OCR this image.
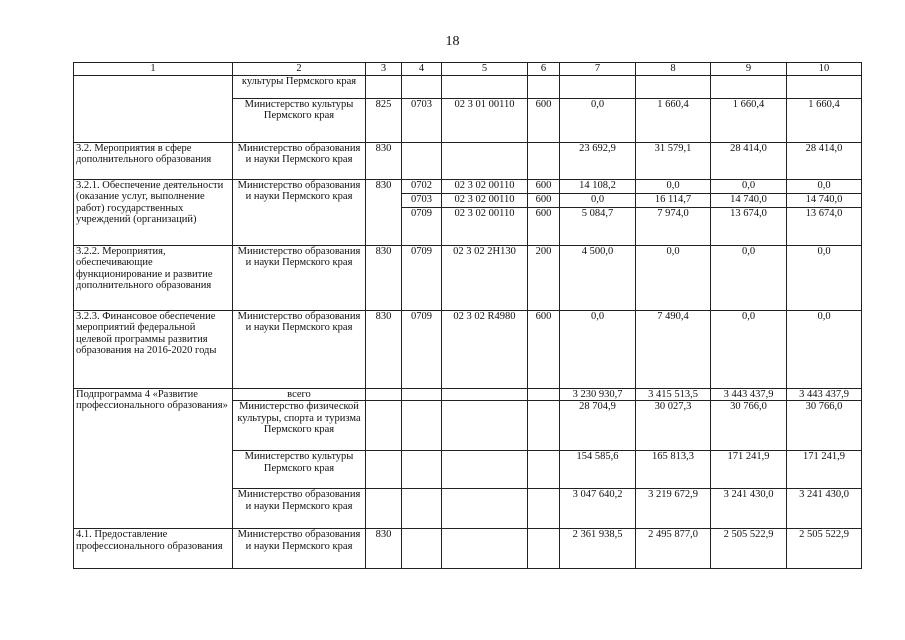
18
1	2	3	4	5	6	7	8	9	10
	культуры Пермского края								
	Министерство культуры Пермского края	825	0703	02 3 01 00110	600	0,0	1 660,4	1 660,4	1 660,4
3.2. Мероприятия в сфере дополнительного образования	Министерство образования и науки Пермского края	830				23 692,9	31 579,1	28 414,0	28 414,0
3.2.1. Обеспечение деятельности (оказание услуг, выполнение работ) государственных учреждений (организаций)	Министерство образования и науки Пермского края	830	0702	02 3 02 00110	600	14 108,2	0,0	0,0	0,0
			0703	02 3 02 00110	600	0,0	16 114,7	14 740,0	14 740,0
			0709	02 3 02 00110	600	5 084,7	7 974,0	13 674,0	13 674,0
3.2.2. Мероприятия, обеспечивающие функционирование и развитие дополнительного образования	Министерство образования и науки Пермского края	830	0709	02 3 02 2Н130	200	4 500,0	0,0	0,0	0,0
3.2.3. Финансовое обеспечение мероприятий федеральной целевой программы развития образования на 2016-2020 годы	Министерство образования и науки Пермского края	830	0709	02 3 02 R4980	600	0,0	7 490,4	0,0	0,0
Подпрограмма 4 «Развитие профессионального образования»	всего					3 230 930,7	3 415 513,5	3 443 437,9	3 443 437,9
	Министерство физической культуры, спорта и туризма Пермского края					28 704,9	30 027,3	30 766,0	30 766,0
	Министерство культуры Пермского края					154 585,6	165 813,3	171 241,9	171 241,9
	Министерство образования и науки Пермского края					3 047 640,2	3 219 672,9	3 241 430,0	3 241 430,0
4.1. Предоставление профессионального образования	Министерство образования и науки Пермского края	830				2 361 938,5	2 495 877,0	2 505 522,9	2 505 522,9
